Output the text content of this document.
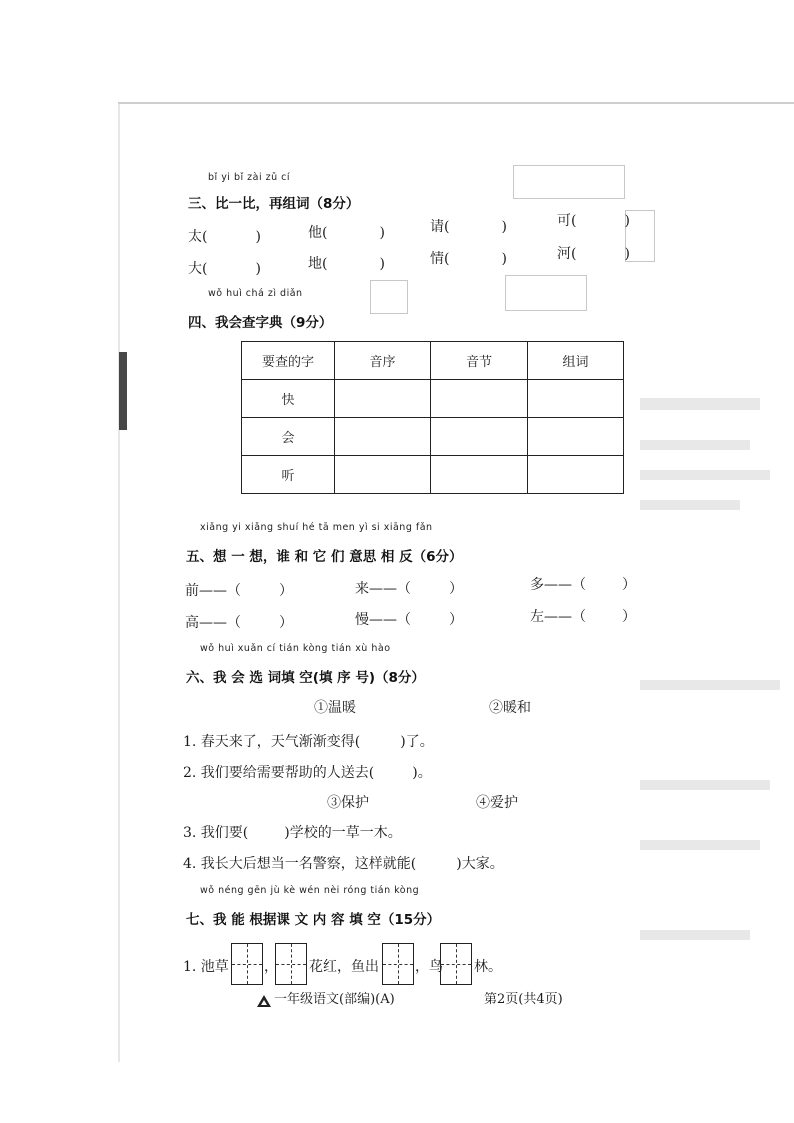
bǐ yi bǐ zài zǔ cí
三、比一比，再组词（8分）
太(	)	他(	)	请(	)	可(	)
大(	)	地(	)	情(	)	河(	)
wǒ huì chá zì diǎn
四、我会查字典（9分）
要查的字	音序	音节	组词
快			
会			
听			
xiǎng yi xiǎng shuí hé tā men yì si xiāng fǎn
五、想 一 想，谁 和 它 们 意思 相 反（6分）
前——（	）	来——（	）	多——（	）
高——（	）	慢——（	）	左——（	）
wǒ huì xuǎn cí tián kòng tián xù hào
六、我 会 选 词填 空(填 序 号)（8分）
①温暖	②暖和
1. 春天来了，天气渐渐变得(	)了。
2. 我们要给需要帮助的人送去(	)。
③保护	④爱护
3. 我们要(	)学校的一草一木。
4. 我长大后想当一名警察，这样就能(	)大家。
wǒ néng gēn jù kè wén nèi róng tián kòng
七、我 能 根据课 文 内 容 填 空（15分）
1. 池草	， 花红，鱼出	，鸟 林。
一年级语文(部编)(A)	第2页(共4页)
